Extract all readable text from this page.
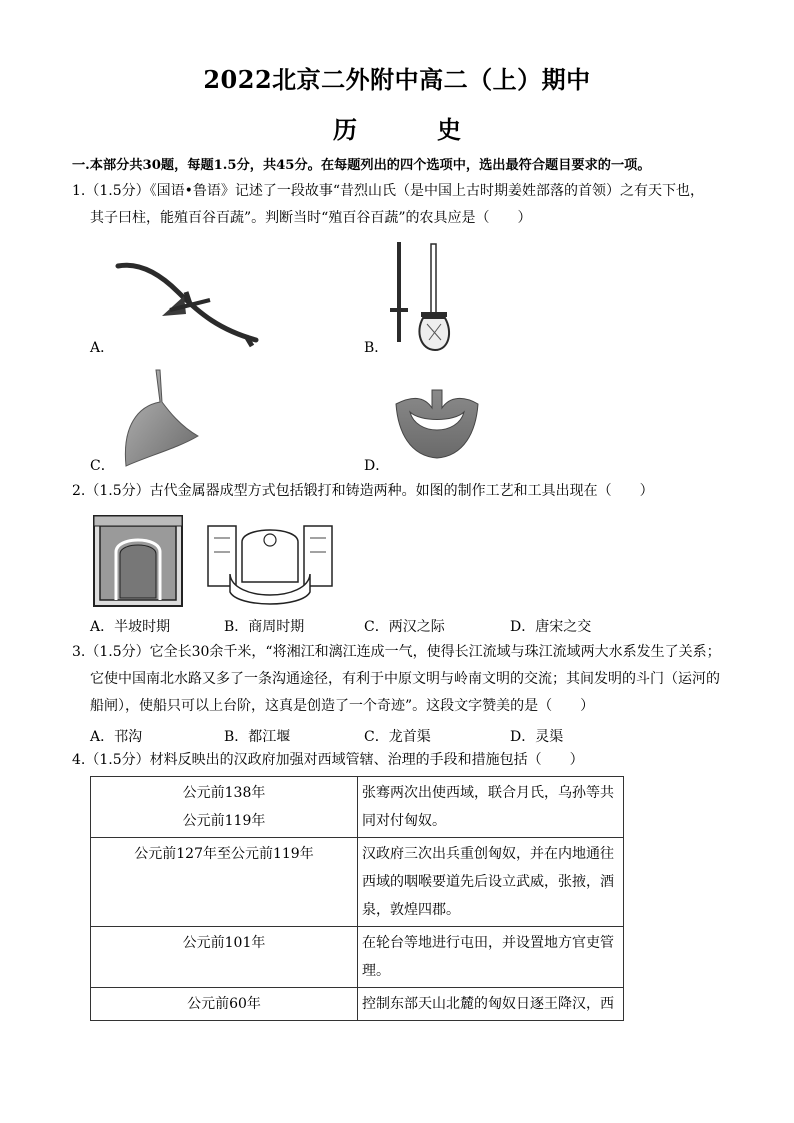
2022北京二外附中高二（上）期中
历　史
一.本部分共30题，每题1.5分，共45分。在每题列出的四个选项中，选出最符合题目要求的一项。
1.（1.5分）《国语•鲁语》记述了一段故事“昔烈山氏（是中国上古时期姜姓部落的首领）之有天下也，

其子曰柱，能殖百谷百蔬”。判断当时“殖百谷百蔬”的农具应是（　　）
A．	B．
C．	D．
2.（1.5分）古代金属器成型方式包括锻打和铸造两种。如图的制作工艺和工具出现在（　　）
A．半坡时期	B．商周时期	C．两汉之际	D．唐宋之交
3.（1.5分）它全长30余千米，“将湘江和漓江连成一气，使得长江流域与珠江流域两大水系发生了关系；

它使中国南北水路又多了一条沟通途径，有利于中原文明与岭南文明的交流；其间发明的斗门（运河的
船闸），使船只可以上台阶，这真是创造了一个奇迹”。这段文字赞美的是（　　）
A．邗沟	B．都江堰	C．龙首渠	D．灵渠
4.（1.5分）材料反映出的汉政府加强对西域管辖、治理的手段和措施包括（　　）
公元前138年
公元前119年	张骞两次出使西域，联合月氏，乌孙等共同对付匈奴。
公元前127年至公元前119年	汉政府三次出兵重创匈奴，并在内地通往西域的咽喉要道先后设立武威，张掖，酒泉，敦煌四郡。
公元前101年	在轮台等地进行屯田，并设置地方官吏管理。
公元前60年	控制东部天山北麓的匈奴日逐王降汉，西
